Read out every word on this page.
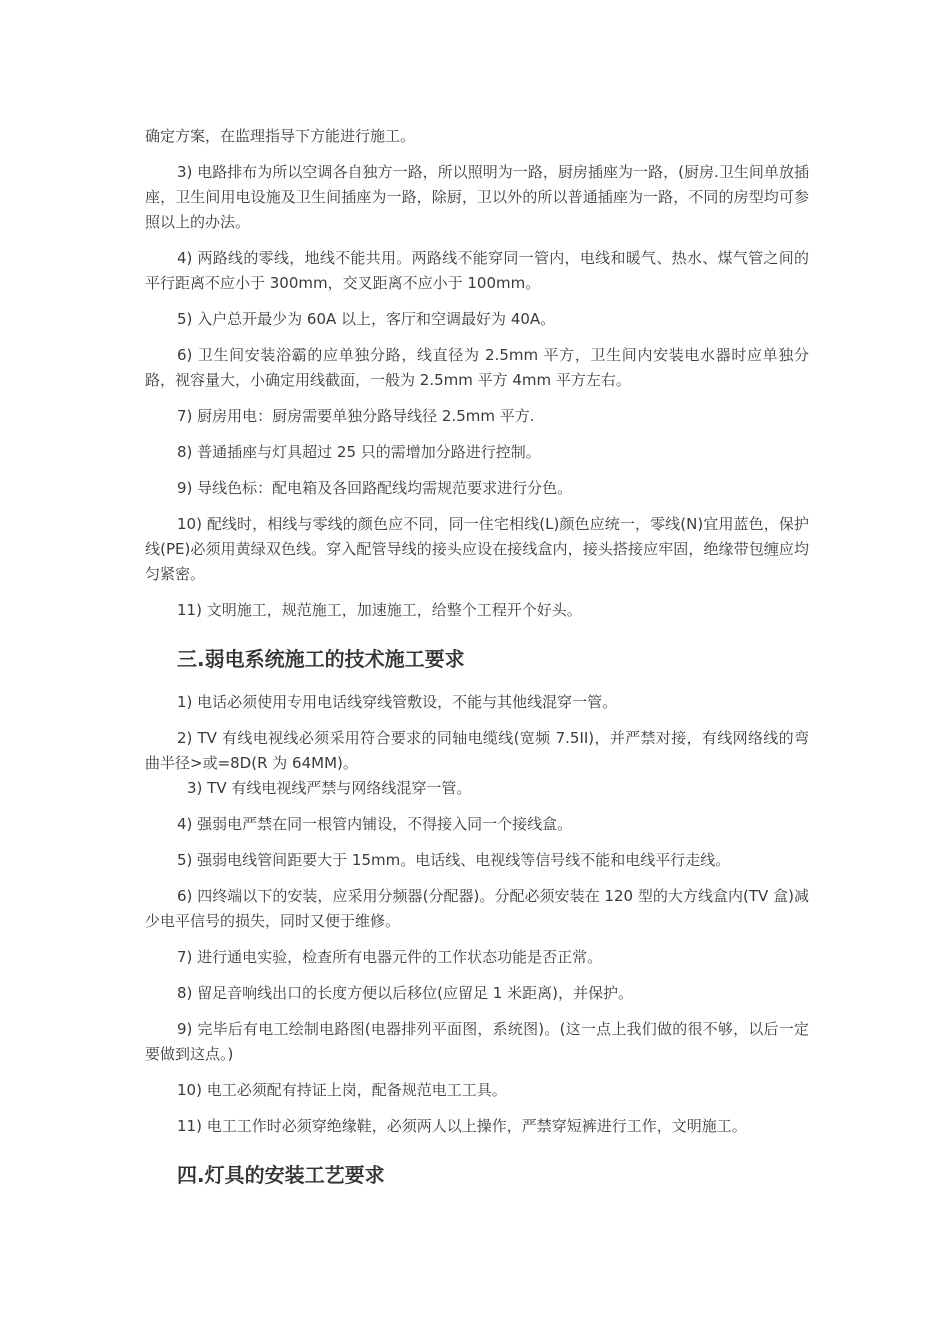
确定方案，在监理指导下方能进行施工。

3) 电路排布为所以空调各自独方一路，所以照明为一路，厨房插座为一路，(厨房.卫生间单放插座，卫生间用电设施及卫生间插座为一路，除厨，卫以外的所以普通插座为一路，不同的房型均可参照以上的办法。

4) 两路线的零线，地线不能共用。两路线不能穿同一管内，电线和暖气、热水、煤气管之间的平行距离不应小于 300mm，交叉距离不应小于 100mm。

5) 入户总开最少为 60A 以上，客厅和空调最好为 40A。

6) 卫生间安装浴霸的应单独分路，线直径为 2.5mm 平方，卫生间内安装电水器时应单独分路，视容量大，小确定用线截面，一般为 2.5mm 平方 4mm 平方左右。

7) 厨房用电：厨房需要单独分路导线径 2.5mm 平方.

8) 普通插座与灯具超过 25 只的需增加分路进行控制。

9) 导线色标：配电箱及各回路配线均需规范要求进行分色。

10) 配线时，相线与零线的颜色应不同，同一住宅相线(L)颜色应统一，零线(N)宜用蓝色，保护线(PE)必须用黄绿双色线。穿入配管导线的接头应设在接线盒内，接头搭接应牢固，绝缘带包缠应均匀紧密。

11) 文明施工，规范施工，加速施工，给整个工程开个好头。

三.弱电系统施工的技术施工要求

1) 电话必须使用专用电话线穿线管敷设，不能与其他线混穿一管。

2) TV 有线电视线必须采用符合要求的同轴电缆线(宽频 7.5II)，并严禁对接，有线网络线的弯曲半径>或=8D(R 为 64MM)。

3) TV 有线电视线严禁与网络线混穿一管。

4) 强弱电严禁在同一根管内铺设，不得接入同一个接线盒。

5) 强弱电线管间距要大于 15mm。电话线、电视线等信号线不能和电线平行走线。

6) 四终端以下的安装，应采用分频器(分配器)。分配必须安装在 120 型的大方线盒内(TV 盒)减少电平信号的损失，同时又便于维修。

7) 进行通电实验，检查所有电器元件的工作状态功能是否正常。

8) 留足音响线出口的长度方便以后移位(应留足 1 米距离)，并保护。

9) 完毕后有电工绘制电路图(电器排列平面图，系统图)。(这一点上我们做的很不够，以后一定要做到这点。)

10) 电工必须配有持证上岗，配备规范电工工具。

11) 电工工作时必须穿绝缘鞋，必须两人以上操作，严禁穿短裤进行工作，文明施工。

四.灯具的安装工艺要求
